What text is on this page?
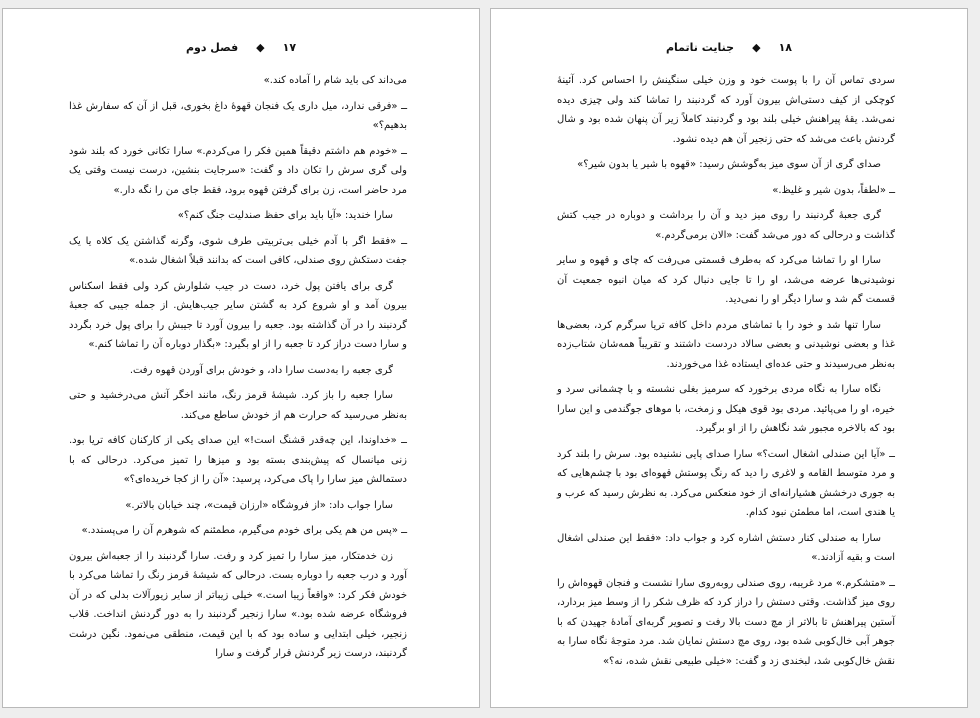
۱۷
◆
فصل دوم

می‌داند کی باید شام را آماده کند.»

ــ «فرقی ندارد، میل داری یک فنجان قهوهٔ داغ بخوری، قبل از آن که سفارش غذا بدهیم؟»

ــ «خودم هم داشتم دقیقاً همین فکر را می‌کردم.» سارا تکانی خورد که بلند شود ولی گری سرش را تکان داد و گفت: «سرجایت بنشین، درست نیست وقتی یک مرد حاضر است، زن برای گرفتن قهوه برود، فقط جای من را نگه دار.»

سارا خندید: «آیا باید برای حفظ صندلیت جنگ کنم؟»

ــ «فقط اگر با آدم خیلی بی‌تربیتی طرف شوی، وگرنه گذاشتن یک کلاه یا یک جفت دستکش روی صندلی، کافی است که بدانند قبلاً اشغال شده.»

گری برای یافتن پول خرد، دست در جیب شلوارش کرد ولی فقط اسکناس بیرون آمد و او شروع کرد به گشتن سایر جیب‌هایش. از جمله جیبی که جعبهٔ گردنبند را در آن گذاشته بود. جعبه را بیرون آورد تا جیبش را برای پول خرد بگردد و سارا دست دراز کرد تا جعبه را از او بگیرد: «بگذار دوباره آن را تماشا کنم.»

گری جعبه را به‌دست سارا داد، و خودش برای آوردن قهوه رفت.

سارا جعبه را باز کرد. شیشهٔ قرمز رنگ، مانند اخگر آتش می‌درخشید و حتی به‌نظر می‌رسید که حرارت هم از خودش ساطع می‌کند.

ــ «خداوندا، این چه‌قدر قشنگ است!» این صدای یکی از کارکنان کافه تریا بود. زنی میانسال که پیش‌بندی بسته بود و میزها را تمیز می‌کرد. درحالی که با دستمالش میز سارا را پاک می‌کرد، پرسید: «آن را از کجا خریده‌ای؟»

سارا جواب داد: «از فروشگاه «ارزان قیمت»، چند خیابان بالاتر.»

ــ «پس من هم یکی برای خودم می‌گیرم، مطمئنم که شوهرم آن را می‌پسندد.»

زن خدمتکار، میز سارا را تمیز کرد و رفت. سارا گردنبند را از جعبه‌اش بیرون آورد و درب جعبه را دوباره بست. درحالی که شیشهٔ قرمز رنگ را تماشا می‌کرد با خودش فکر کرد: «واقعاً زیبا است.» خیلی زیباتر از سایر زیورآلات بدلی که در آن فروشگاه عرضه شده بود.» سارا زنجیر گردنبند را به دور گردنش انداخت. قلاب زنجیر، خیلی ابتدایی و ساده بود که با این قیمت، منطقی می‌نمود. نگین درشت گردنبند، درست زیر گردنش قرار گرفت و سارا

۱۸
◆
جنایت ناتمام

سردی تماس آن را با پوست خود و وزن خیلی سنگینش را احساس کرد. آئینهٔ کوچکی از کیف دستی‌اش بیرون آورد که گردنبند را تماشا کند ولی چیزی دیده نمی‌شد. یقهٔ پیراهنش خیلی بلند بود و گردنبند کاملاً زیر آن پنهان شده بود و شال گردنش باعث می‌شد که حتی زنجیر آن هم دیده نشود.

صدای گری از آن سوی میز به‌گوشش رسید: «قهوه با شیر یا بدون شیر؟»

ــ «لطفاً، بدون شیر و غلیظ.»

گری جعبهٔ گردنبند را روی میز دید و آن را برداشت و دوباره در جیب کتش گذاشت و درحالی که دور می‌شد گفت: «الان برمی‌گردم.»

سارا او را تماشا می‌کرد که به‌طرف قسمتی می‌رفت که چای و قهوه و سایر نوشیدنی‌ها عرضه می‌شد، او را تا جایی دنبال کرد که میان انبوه جمعیت آن قسمت گم شد و سارا دیگر او را نمی‌دید.

سارا تنها شد و خود را با تماشای مردم داخل کافه تریا سرگرم کرد، بعضی‌ها غذا و بعضی نوشیدنی و بعضی سالاد دردست داشتند و تقریباً همه‌شان شتاب‌زده به‌نظر می‌رسیدند و حتی عده‌ای ایستاده غذا می‌خوردند.

نگاه سارا به نگاه مردی برخورد که سرمیز بغلی نشسته و با چشمانی سرد و خیره، او را می‌پائید. مردی بود قوی هیکل و زمخت، با موهای جوگندمی و این سارا بود که بالاخره مجبور شد نگاهش را از او برگیرد.

ــ «آیا این صندلی اشغال است؟» سارا صدای پایی نشنیده بود. سرش را بلند کرد و مرد متوسط القامه و لاغری را دید که رنگ پوستش قهوه‌ای بود با چشم‌هایی که به جوری درخشش هشیارانه‌ای از خود منعکس می‌کرد. به نظرش رسید که عرب و یا هندی است، اما مطمئن نبود کدام.

سارا به صندلی کنار دستش اشاره کرد و جواب داد: «فقط این صندلی اشغال است و بقیه آزادند.»

ــ «متشکرم.» مرد غریبه، روی صندلی روبه‌روی سارا نشست و فنجان قهوه‌اش را روی میز گذاشت. وقتی دستش را دراز کرد که ظرف شکر را از وسط میز بردارد، آستین پیراهنش تا بالاتر از مچ دست بالا رفت و تصویر گربه‌ای آمادهٔ جهیدن که با جوهر آبی خال‌کوبی شده بود، روی مچ دستش نمایان شد. مرد متوجهٔ نگاه سارا به نقش خال‌کوبی شد، لبخندی زد و گفت: «خیلی طبیعی نقش شده، نه؟»
